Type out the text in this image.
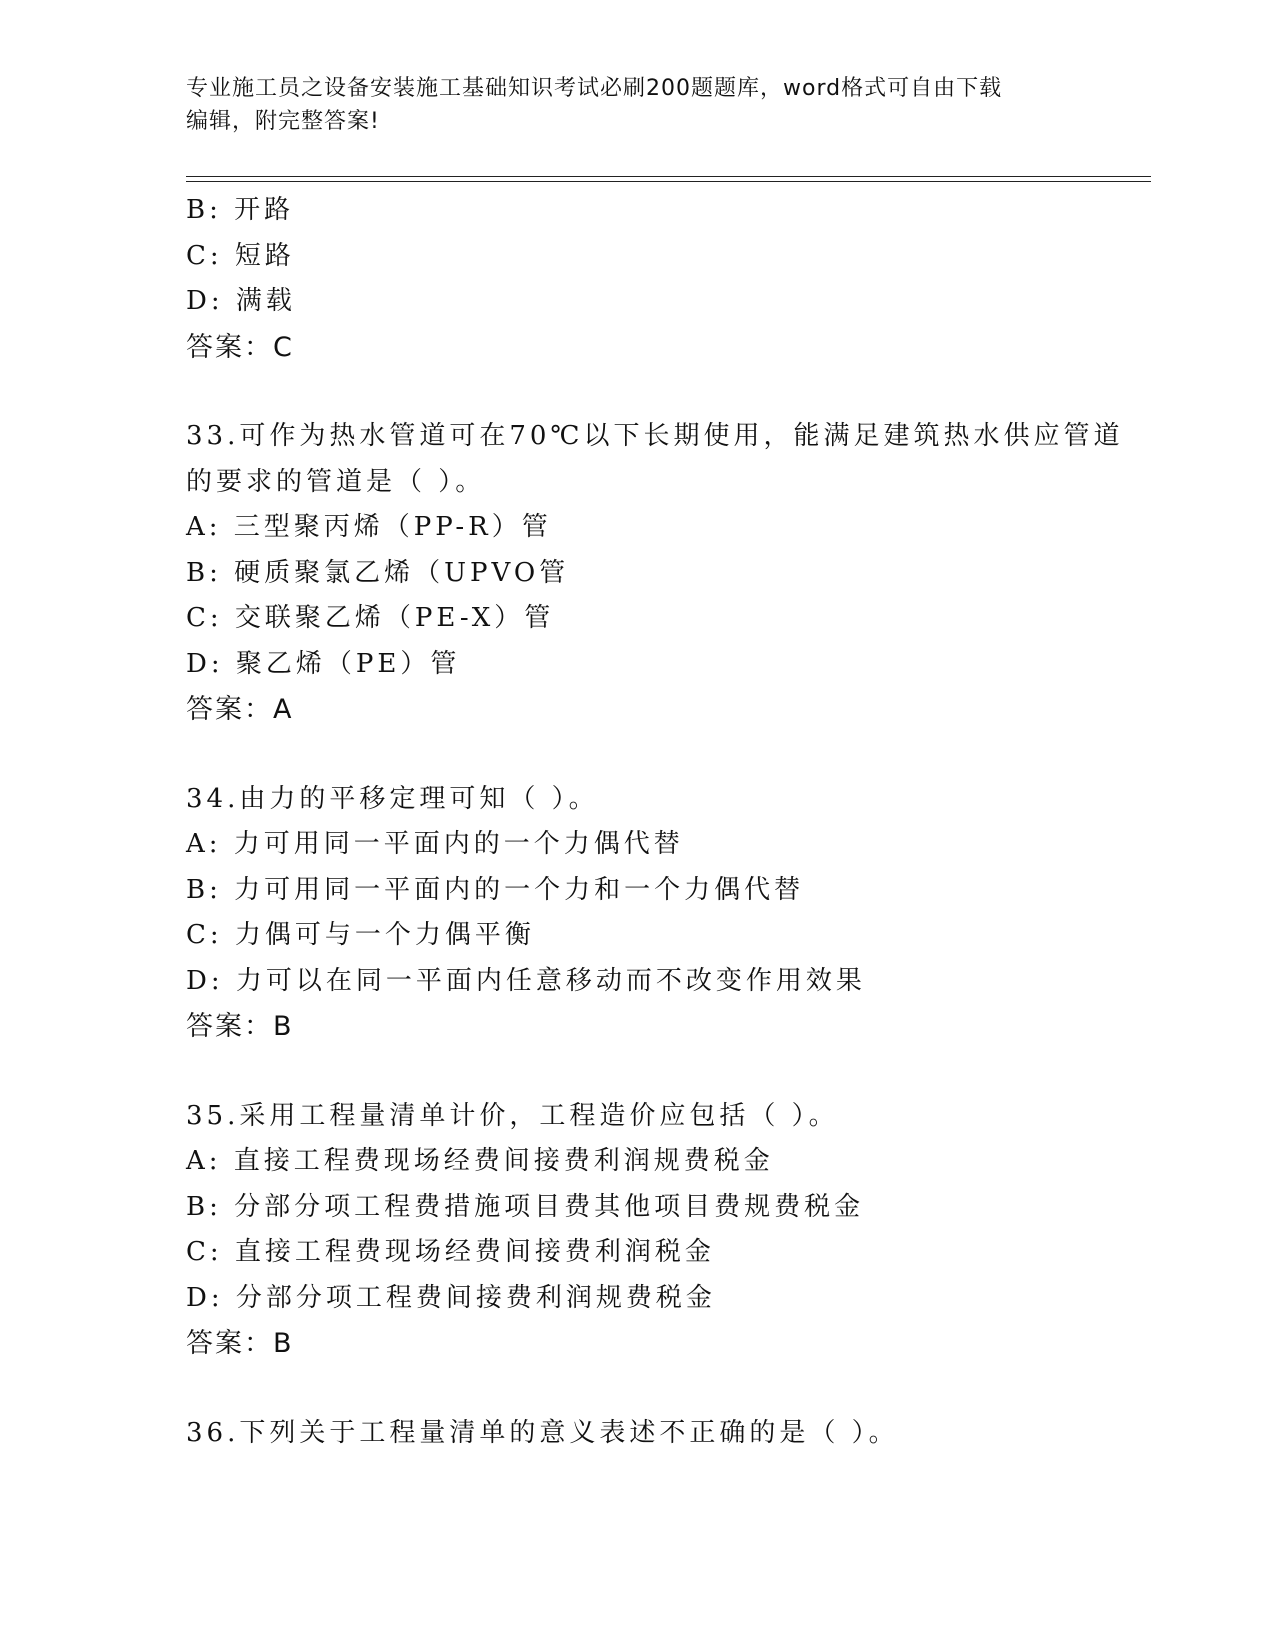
专业施工员之设备安装施工基础知识考试必刷200题题库，word格式可自由下载
编辑，附完整答案!
B: 开路
C: 短路
D: 满载
答案：C
33.可作为热水管道可在70℃以下长期使用，能满足建筑热水供应管道
的要求的管道是（ ）。
A: 三型聚丙烯（PP-R）管
B: 硬质聚氯乙烯（UPVO管
C: 交联聚乙烯（PE-X）管
D: 聚乙烯（PE）管
答案：A
34.由力的平移定理可知（ ）。
A: 力可用同一平面内的一个力偶代替
B: 力可用同一平面内的一个力和一个力偶代替
C: 力偶可与一个力偶平衡
D: 力可以在同一平面内任意移动而不改变作用效果
答案：B
35.采用工程量清单计价，工程造价应包括（ ）。
A: 直接工程费现场经费间接费利润规费税金
B: 分部分项工程费措施项目费其他项目费规费税金
C: 直接工程费现场经费间接费利润税金
D: 分部分项工程费间接费利润规费税金
答案：B
36.下列关于工程量清单的意义表述不正确的是（ ）。
